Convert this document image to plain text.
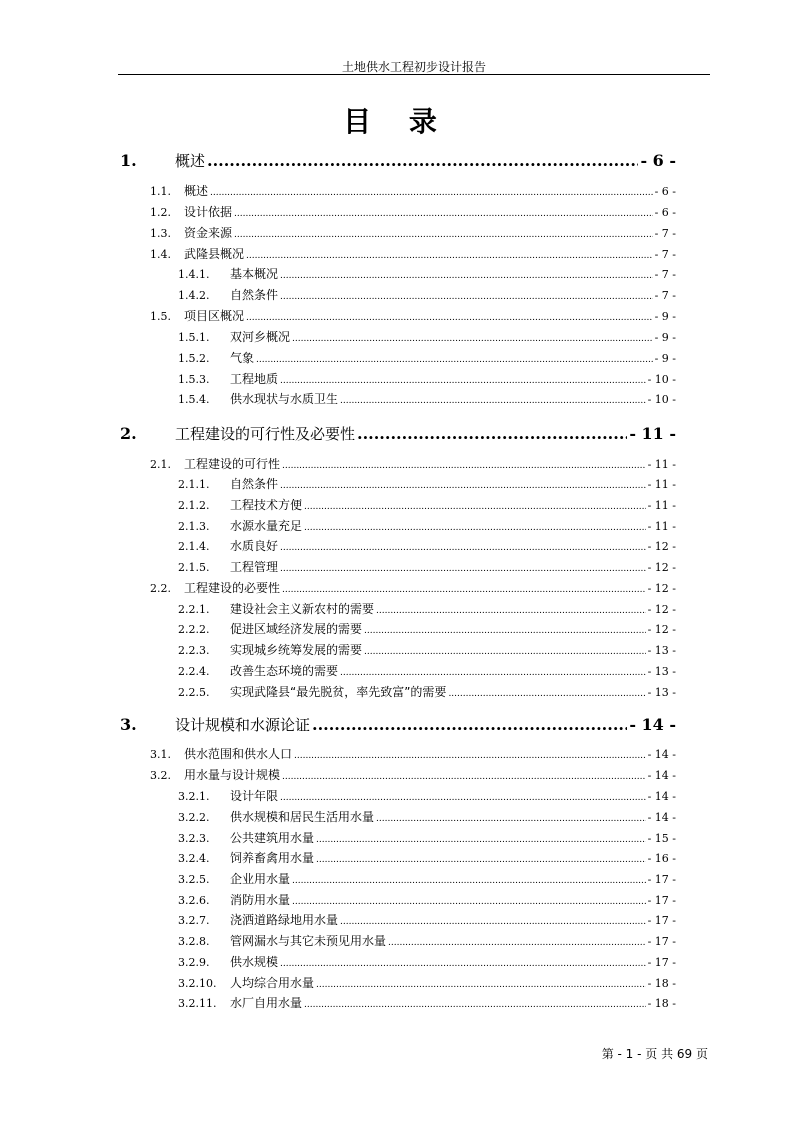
土地供水工程初步设计报告
目 录
1.	概述 .....	- 6 -
1.1.	概述 .....	- 6 -
1.2.	设计依据 .....	- 6 -
1.3.	资金来源 .....	- 7 -
1.4.	武隆县概况 .....	- 7 -
1.4.1.	基本概况 .....	- 7 -
1.4.2.	自然条件 .....	- 7 -
1.5.	项目区概况 .....	- 9 -
1.5.1.	双河乡概况 .....	- 9 -
1.5.2.	气象 .....	- 9 -
1.5.3.	工程地质 .....	- 10 -
1.5.4.	供水现状与水质卫生 .....	- 10 -
2.	工程建设的可行性及必要性 .....	- 11 -
2.1.	工程建设的可行性 .....	- 11 -
2.1.1.	自然条件 .....	- 11 -
2.1.2.	工程技术方便 .....	- 11 -
2.1.3.	水源水量充足 .....	- 11 -
2.1.4.	水质良好 .....	- 12 -
2.1.5.	工程管理 .....	- 12 -
2.2.	工程建设的必要性 .....	- 12 -
2.2.1.	建设社会主义新农村的需要 .....	- 12 -
2.2.2.	促进区域经济发展的需要 .....	- 12 -
2.2.3.	实现城乡统筹发展的需要 .....	- 13 -
2.2.4.	改善生态环境的需要 .....	- 13 -
2.2.5.	实现武隆县“最先脱贫，率先致富”的需要 .....	- 13 -
3.	设计规模和水源论证 .....	- 14 -
3.1.	供水范围和供水人口 .....	- 14 -
3.2.	用水量与设计规模 .....	- 14 -
3.2.1.	设计年限 .....	- 14 -
3.2.2.	供水规模和居民生活用水量 .....	- 14 -
3.2.3.	公共建筑用水量 .....	- 15 -
3.2.4.	饲养畜禽用水量 .....	- 16 -
3.2.5.	企业用水量 .....	- 17 -
3.2.6.	消防用水量 .....	- 17 -
3.2.7.	浇洒道路绿地用水量 .....	- 17 -
3.2.8.	管网漏水与其它未预见用水量 .....	- 17 -
3.2.9.	供水规模 .....	- 17 -
3.2.10.	人均综合用水量 .....	- 18 -
3.2.11.	水厂自用水量 .....	- 18 -
第 - 1 - 页 共 69 页
